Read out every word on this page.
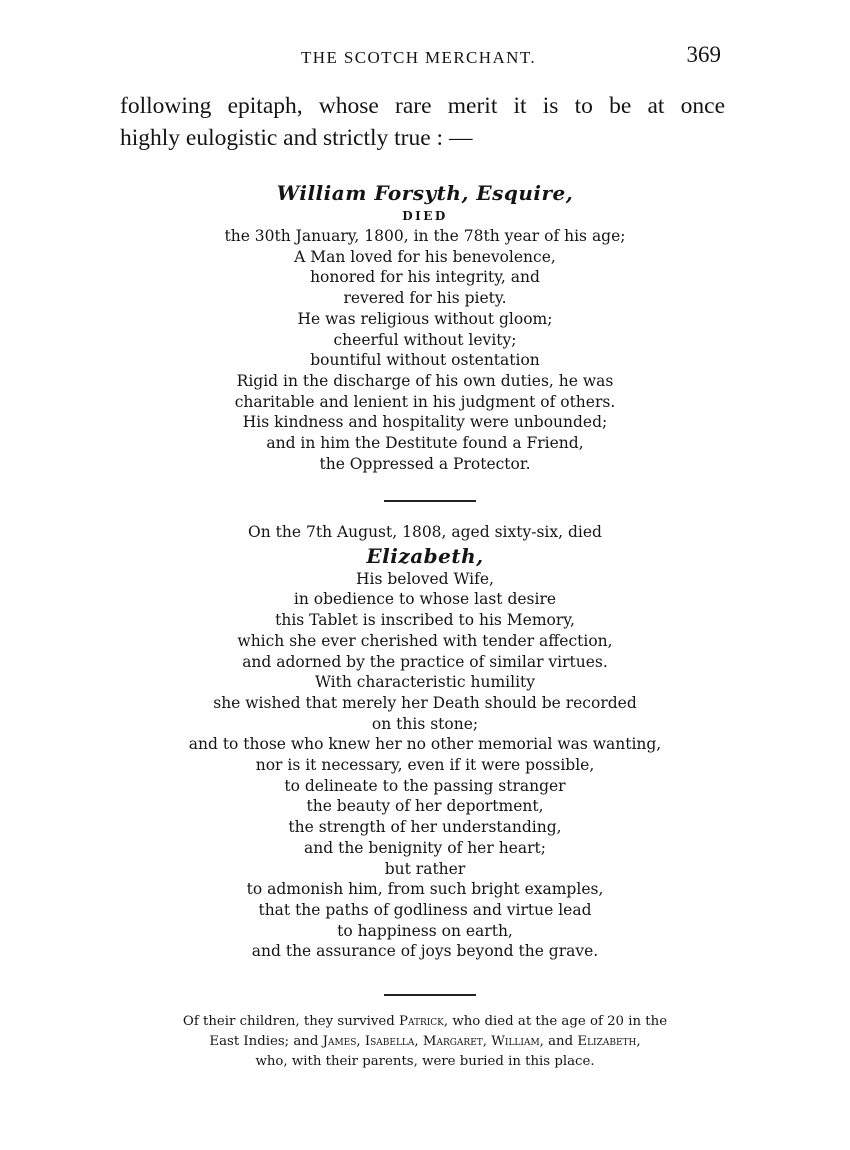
THE SCOTCH MERCHANT.	369
following epitaph, whose rare merit it is to be at once
highly eulogistic and strictly true : —
William Forsyth, Esquire,
DIED
the 30th January, 1800, in the 78th year of his age;
A Man loved for his benevolence,
honored for his integrity, and
revered for his piety.
He was religious without gloom;
cheerful without levity;
bountiful without ostentation
Rigid in the discharge of his own duties, he was
charitable and lenient in his judgment of others.
His kindness and hospitality were unbounded;
and in him the Destitute found a Friend,
the Oppressed a Protector.
On the 7th August, 1808, aged sixty-six, died
Elizabeth,
His beloved Wife,
in obedience to whose last desire
this Tablet is inscribed to his Memory,
which she ever cherished with tender affection,
and adorned by the practice of similar virtues.
With characteristic humility
she wished that merely her Death should be recorded
on this stone;
and to those who knew her no other memorial was wanting,
nor is it necessary, even if it were possible,
to delineate to the passing stranger
the beauty of her deportment,
the strength of her understanding,
and the benignity of her heart;
but rather
to admonish him, from such bright examples,
that the paths of godliness and virtue lead
to happiness on earth,
and the assurance of joys beyond the grave.
Of their children, they survived Patrick, who died at the age of 20 in the
East Indies; and James, Isabella, Margaret, William, and Elizabeth,
who, with their parents, were buried in this place.
